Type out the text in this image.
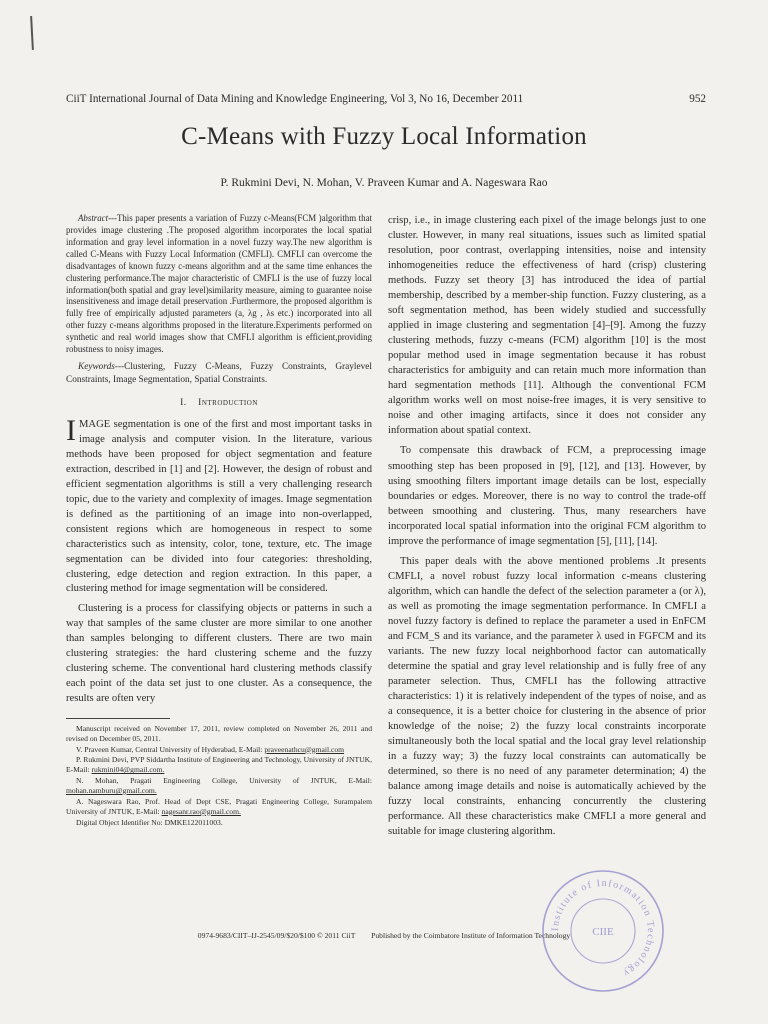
CiiT International Journal of Data Mining and Knowledge Engineering, Vol 3, No 16, December 2011	952
C-Means with Fuzzy Local Information
P. Rukmini Devi, N. Mohan, V. Praveen Kumar and A. Nageswara Rao

Abstract---This paper presents a variation of Fuzzy c-Means(FCM )algorithm that provides image clustering .The proposed algorithm incorporates the local spatial information and gray level information in a novel fuzzy way.The new algorithm is called C-Means with Fuzzy Local Information (CMFLI). CMFLI can overcome the disadvantages of known fuzzy c-means algorithm and at the same time enhances the clustering performance.The major characteristic of CMFLI is the use of fuzzy local information(both spatial and gray level)similarity measure, aiming to guarantee noise insensitiveness and image detail preservation .Furthermore, the proposed algorithm is fully free of empirically adjusted parameters (a, λg , λs etc.) incorporated into all other fuzzy c-means algorithms proposed in the literature.Experiments performed on synthetic and real world images show that CMFLI algorithm is efficient,providing robustness to noisy images.

Keywords---Clustering, Fuzzy C-Means, Fuzzy Constraints, Graylevel Constraints, Image Segmentation, Spatial Constraints.

I. Introduction

IMAGE segmentation is one of the first and most important tasks in image analysis and computer vision. In the literature, various methods have been proposed for object segmentation and feature extraction, described in [1] and [2]. However, the design of robust and efficient segmentation algorithms is still a very challenging research topic, due to the variety and complexity of images. Image segmentation is defined as the partitioning of an image into non-overlapped, consistent regions which are homogeneous in respect to some characteristics such as intensity, color, tone, texture, etc. The image segmentation can be divided into four categories: thresholding, clustering, edge detection and region extraction. In this paper, a clustering method for image segmentation will be considered.

Clustering is a process for classifying objects or patterns in such a way that samples of the same cluster are more similar to one another than samples belonging to different clusters. There are two main clustering strategies: the hard clustering scheme and the fuzzy clustering scheme. The conventional hard clustering methods classify each point of the data set just to one cluster. As a consequence, the results are often very

Manuscript received on November 17, 2011, review completed on November 26, 2011 and revised on December 05, 2011.

V. Praveen Kumar, Central University of Hyderabad, E-Mail: praveenathcu@gmail.com

P. Rukmini Devi, PVP Siddartha Institute of Engineering and Technology, University of JNTUK, E-Mail: rukmini04@gmail.com.

N. Mohan, Pragati Engineering College, University of JNTUK, E-Mail: mohan.namburu@gmail.com.

A. Nageswara Rao, Prof. Head of Dept CSE, Pragati Engineering College, Surampalem University of JNTUK, E-Mail: nagesanr.rao@gmail.com.

Digital Object Identifier No: DMKE122011003.

crisp, i.e., in image clustering each pixel of the image belongs just to one cluster. However, in many real situations, issues such as limited spatial resolution, poor contrast, overlapping intensities, noise and intensity inhomogeneities reduce the effectiveness of hard (crisp) clustering methods. Fuzzy set theory [3] has introduced the idea of partial membership, described by a member-ship function. Fuzzy clustering, as a soft segmentation method, has been widely studied and successfully applied in image clustering and segmentation [4]–[9]. Among the fuzzy clustering methods, fuzzy c-means (FCM) algorithm [10] is the most popular method used in image segmentation because it has robust characteristics for ambiguity and can retain much more information than hard segmentation methods [11]. Although the conventional FCM algorithm works well on most noise-free images, it is very sensitive to noise and other imaging artifacts, since it does not consider any information about spatial context.

To compensate this drawback of FCM, a preprocessing image smoothing step has been proposed in [9], [12], and [13]. However, by using smoothing filters important image details can be lost, especially boundaries or edges. Moreover, there is no way to control the trade-off between smoothing and clustering. Thus, many researchers have incorporated local spatial information into the original FCM algorithm to improve the performance of image segmentation [5], [11], [14].

This paper deals with the above mentioned problems .It presents CMFLI, a novel robust fuzzy local information c-means clustering algorithm, which can handle the defect of the selection parameter a (or λ), as well as promoting the image segmentation performance. In CMFLI a novel fuzzy factory is defined to replace the parameter a used in EnFCM and FCM_S and its variance, and the parameter λ used in FGFCM and its variants. The new fuzzy local neighborhood factor can automatically determine the spatial and gray level relationship and is fully free of any parameter selection. Thus, CMFLI has the following attractive characteristics: 1) it is relatively independent of the types of noise, and as a consequence, it is a better choice for clustering in the absence of prior knowledge of the noise; 2) the fuzzy local constraints incorporate simultaneously both the local spatial and the local gray level relationship in a fuzzy way; 3) the fuzzy local constraints can automatically be determined, so there is no need of any parameter determination; 4) the balance among image details and noise is automatically achieved by the fuzzy local constraints, enhancing concurrently the clustering performance. All these characteristics make CMFLI a more general and suitable for image clustering algorithm.

0974-9683/CIIT–IJ-2545/09/$20/$100 © 2011 CiiT Published by the Coimbatore Institute of Information Technology
Institute of Information Technology
CIIE
